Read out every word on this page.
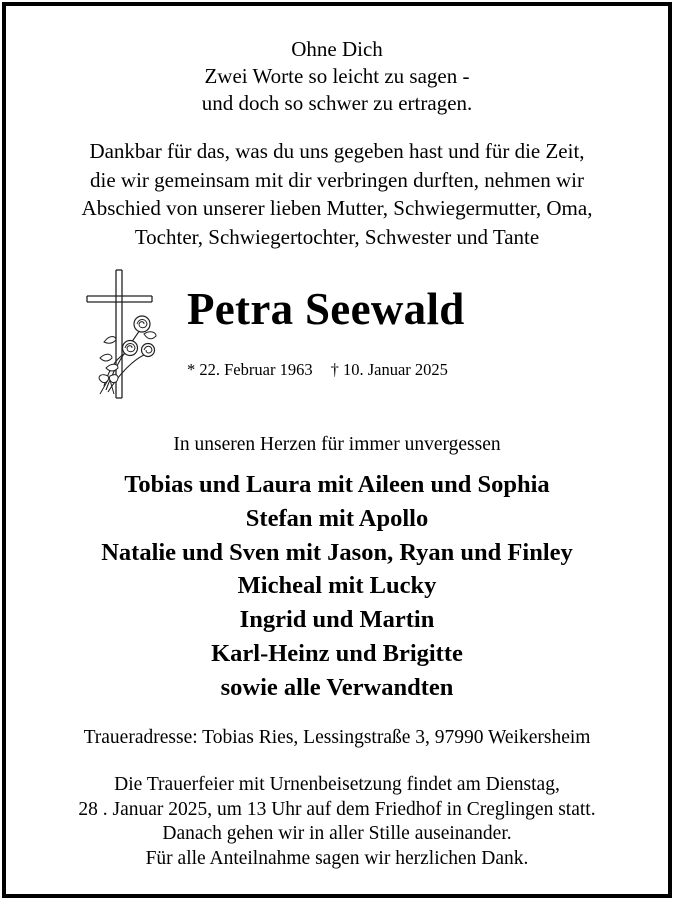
Ohne Dich

Zwei Worte so leicht zu sagen -

und doch so schwer zu ertragen.

Dankbar für das, was du uns gegeben hast und für die Zeit,

die wir gemeinsam mit dir verbringen durften, nehmen wir

Abschied von unserer lieben Mutter, Schwiegermutter, Oma,

Tochter, Schwiegertochter, Schwester und Tante

Petra Seewald
* 22. Februar 1963 † 10. Januar 2025

In unseren Herzen für immer unvergessen

Tobias und Laura mit Aileen und Sophia

Stefan mit Apollo

Natalie und Sven mit Jason, Ryan und Finley

Micheal mit Lucky

Ingrid und Martin

Karl-Heinz und Brigitte

sowie alle Verwandten

Traueradresse: Tobias Ries, Lessingstraße 3, 97990 Weikersheim

Die Trauerfeier mit Urnenbeisetzung findet am Dienstag,

28 . Januar 2025, um 13 Uhr auf dem Friedhof in Creglingen statt.

Danach gehen wir in aller Stille auseinander.

Für alle Anteilnahme sagen wir herzlichen Dank.
